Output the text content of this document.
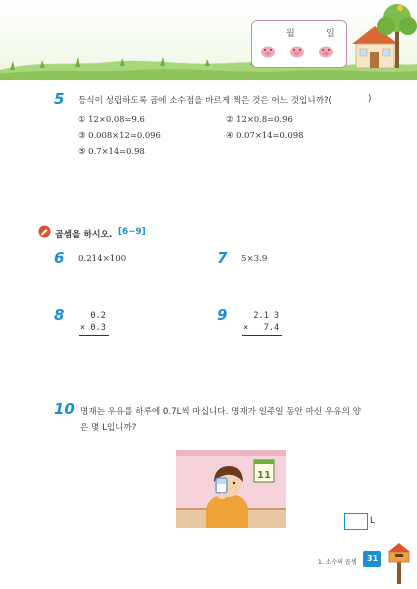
월	일
5 등식이 성립하도록 곱에 소수점을 바르게 찍은 것은 어느 것입니까?(	)
① 12×0.08=9.6	② 12×0.8=0.96
③ 0.008×12=0.096	④ 0.07×14=0.098
⑤ 0.7×14=0.98
곱셈을 하시오. [6~9]
6 0.214×100	7 5×3.9
8 0.2
× 0.3
9 2.1 3
×   7.4
10 명재는 우유를 하루에 0.7L씩 마십니다. 명재가 일주일 동안 마신 우유의 양
은 몇 L입니까?
11
L
1. 소수의 곱셈 31
